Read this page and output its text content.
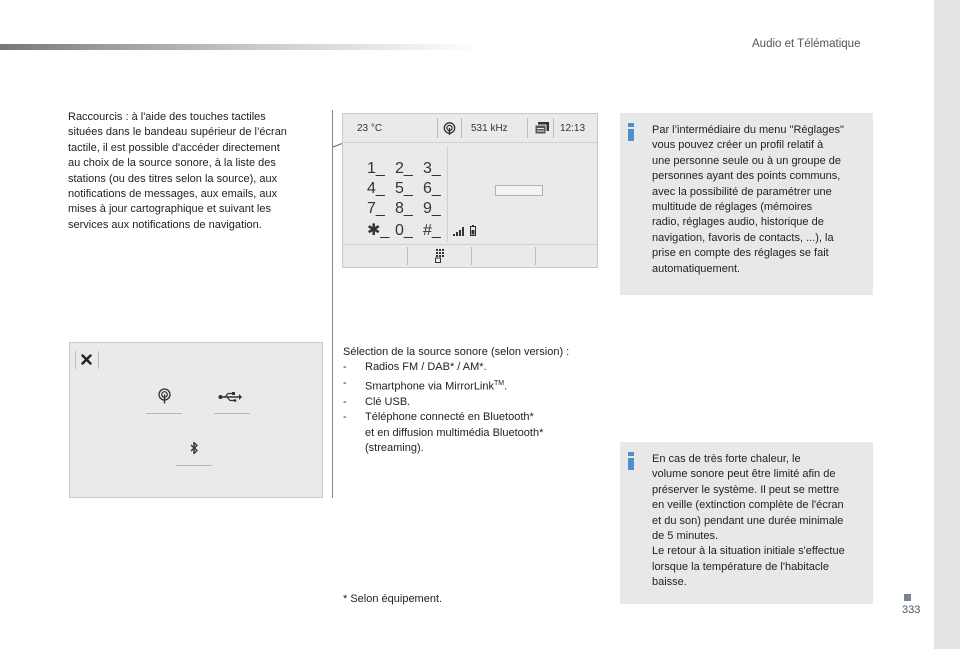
Audio et Télématique
Raccourcis : à l'aide des touches tactiles
situées dans le bandeau supérieur de l’écran
tactile, il est possible d'accéder directement
au choix de la source sonore, à la liste des
stations (ou des titres selon la source), aux
notifications de messages, aux emails, aux
mises à jour cartographique et suivant les
services aux notifications de navigation.
23 °C	531 kHz	12:13
1_ 2_ 3_
4_ 5_ 6_
7_ 8_ 9_
✱_ 0_ #_
Par l’intermédiaire du menu "Réglages"
vous pouvez créer un profil relatif à
une personne seule ou à un groupe de
personnes ayant des points communs,
avec la possibilité de paramétrer une
multitude de réglages (mémoires
radio, réglages audio, historique de
navigation, favoris de contacts, ...), la
prise en compte des réglages se fait
automatiquement.
Sélection de la source sonore (selon version) :
- Radios FM / DAB* / AM*.
- Smartphone via MirrorLink™.
- Clé USB.
- Téléphone connecté en Bluetooth*
et en diffusion multimédia Bluetooth*
(streaming).
En cas de très forte chaleur, le
volume sonore peut être limité afin de
préserver le système. Il peut se mettre
en veille (extinction complète de l'écran
et du son) pendant une durée minimale
de 5 minutes.
Le retour à la situation initiale s'effectue
lorsque la température de l'habitacle
baisse.
* Selon équipement.
333
